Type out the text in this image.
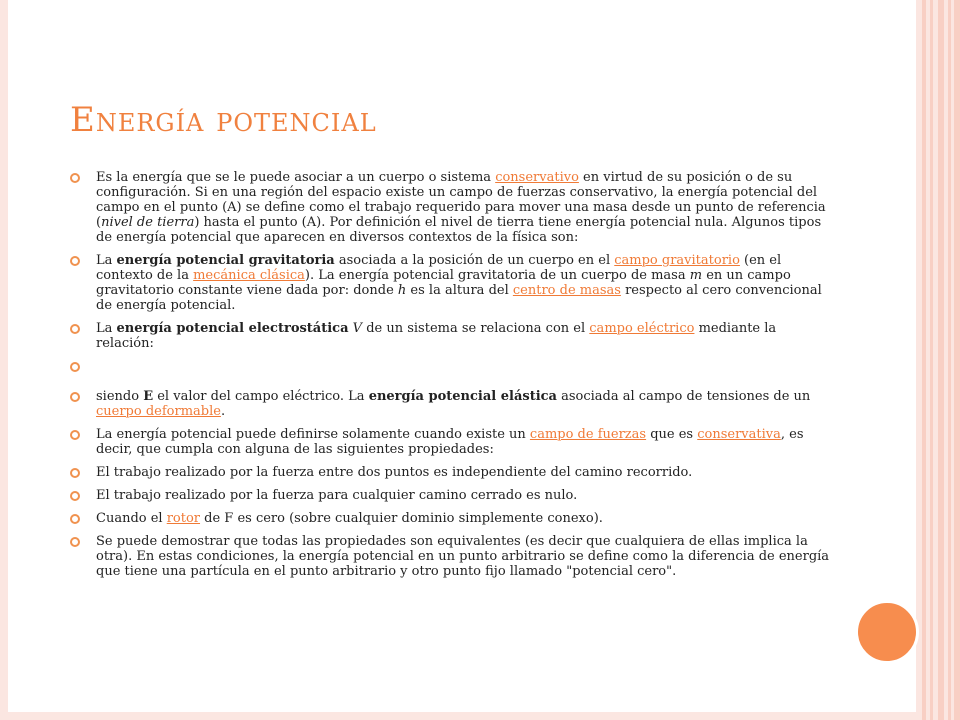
Energía potencial
Es la energía que se le puede asociar a un cuerpo o sistema conservativo en virtud de su posición o de su configuración. Si en una región del espacio existe un campo de fuerzas conservativo, la energía potencial del campo en el punto (A) se define como el trabajo requerido para mover una masa desde un punto de referencia (nivel de tierra) hasta el punto (A). Por definición el nivel de tierra tiene energía potencial nula. Algunos tipos de energía potencial que aparecen en diversos contextos de la física son:
La energía potencial gravitatoria asociada a la posición de un cuerpo en el campo gravitatorio (en el contexto de la mecánica clásica). La energía potencial gravitatoria de un cuerpo de masa m en un campo gravitatorio constante viene dada por: donde h es la altura del centro de masas respecto al cero convencional de energía potencial.
La energía potencial electrostática V de un sistema se relaciona con el campo eléctrico mediante la relación:
siendo E el valor del campo eléctrico. La energía potencial elástica asociada al campo de tensiones de un cuerpo deformable.
La energía potencial puede definirse solamente cuando existe un campo de fuerzas que es conservativa, es decir, que cumpla con alguna de las siguientes propiedades:
El trabajo realizado por la fuerza entre dos puntos es independiente del camino recorrido.
El trabajo realizado por la fuerza para cualquier camino cerrado es nulo.
Cuando el rotor de F es cero (sobre cualquier dominio simplemente conexo).
Se puede demostrar que todas las propiedades son equivalentes (es decir que cualquiera de ellas implica la otra). En estas condiciones, la energía potencial en un punto arbitrario se define como la diferencia de energía que tiene una partícula en el punto arbitrario y otro punto fijo llamado "potencial cero".
